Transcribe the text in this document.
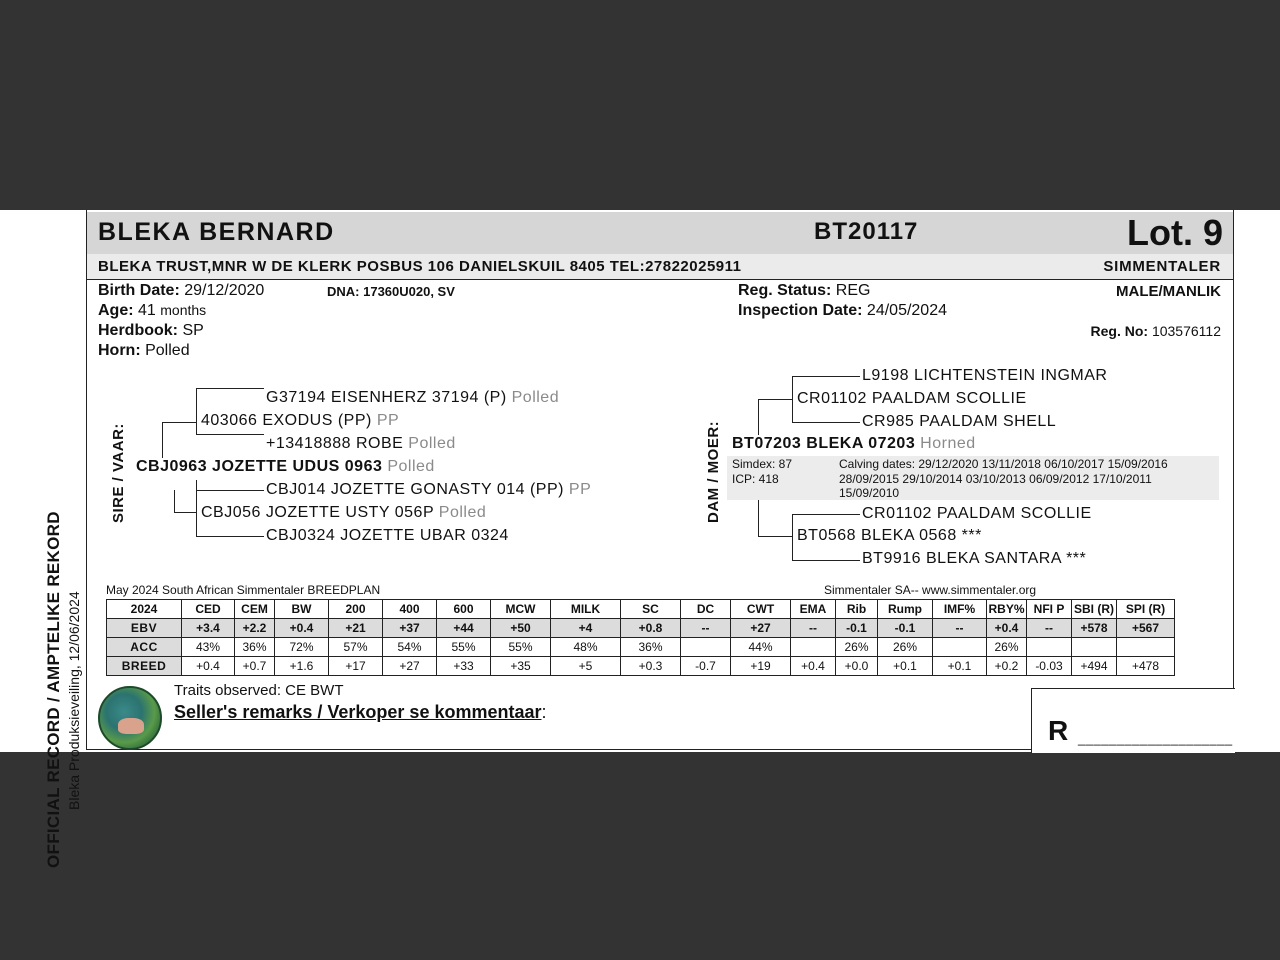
OFFICIAL RECORD / AMPTELIKE REKORD Bleka Produksieveiling, 12/06/2024
BLEKA BERNARD	BT20117	Lot. 9
BLEKA TRUST,MNR W DE KLERK POSBUS 106 DANIELSKUIL 8405 TEL:27822025911	SIMMENTALER
Birth Date: 29/12/2020	DNA: 17360U020, SV
Age: 41 months
Herdbook: SP
Horn: Polled
Reg. Status: REG	MALE/MANLIK
Inspection Date: 24/05/2024
Reg. No: 103576112
SIRE / VAAR:
G37194 EISENHERZ 37194 (P) Polled
403066 EXODUS (PP) PP
+13418888 ROBE Polled
CBJ0963 JOZETTE UDUS 0963 Polled
CBJ014 JOZETTE GONASTY 014 (PP) PP
CBJ056 JOZETTE USTY 056P Polled
CBJ0324 JOZETTE UBAR 0324
DAM / MOER:
L9198 LICHTENSTEIN INGMAR
CR01102 PAALDAM SCOLLIE
CR985 PAALDAM SHELL
BT07203 BLEKA 07203 Horned
Simdex: 87
ICP: 418
Calving dates: 29/12/2020 13/11/2018 06/10/2017 15/09/2016
28/09/2015 29/10/2014 03/10/2013 06/09/2012 17/10/2011
15/09/2010
CR01102 PAALDAM SCOLLIE
BT0568 BLEKA 0568 ***
BT9916 BLEKA SANTARA ***
May 2024 South African Simmentaler BREEDPLAN	Simmentaler SA-- www.simmentaler.org
2024	CED	CEM	BW	200	400	600	MCW	MILK	SC	DC	CWT	EMA	Rib	Rump	IMF%	RBY%	NFI P	SBI (R)	SPI (R)
EBV	+3.4	+2.2	+0.4	+21	+37	+44	+50	+4	+0.8	--	+27	--	-0.1	-0.1	--	+0.4	--	+578	+567
ACC	43%	36%	72%	57%	54%	55%	55%	48%	36%		44%		26%	26%		26%			
BREED	+0.4	+0.7	+1.6	+17	+27	+33	+35	+5	+0.3	-0.7	+19	+0.4	+0.0	+0.1	+0.1	+0.2	-0.03	+494	+478
Traits observed: CE BWT
Seller's remarks / Verkoper se kommentaar:
R ____________________
